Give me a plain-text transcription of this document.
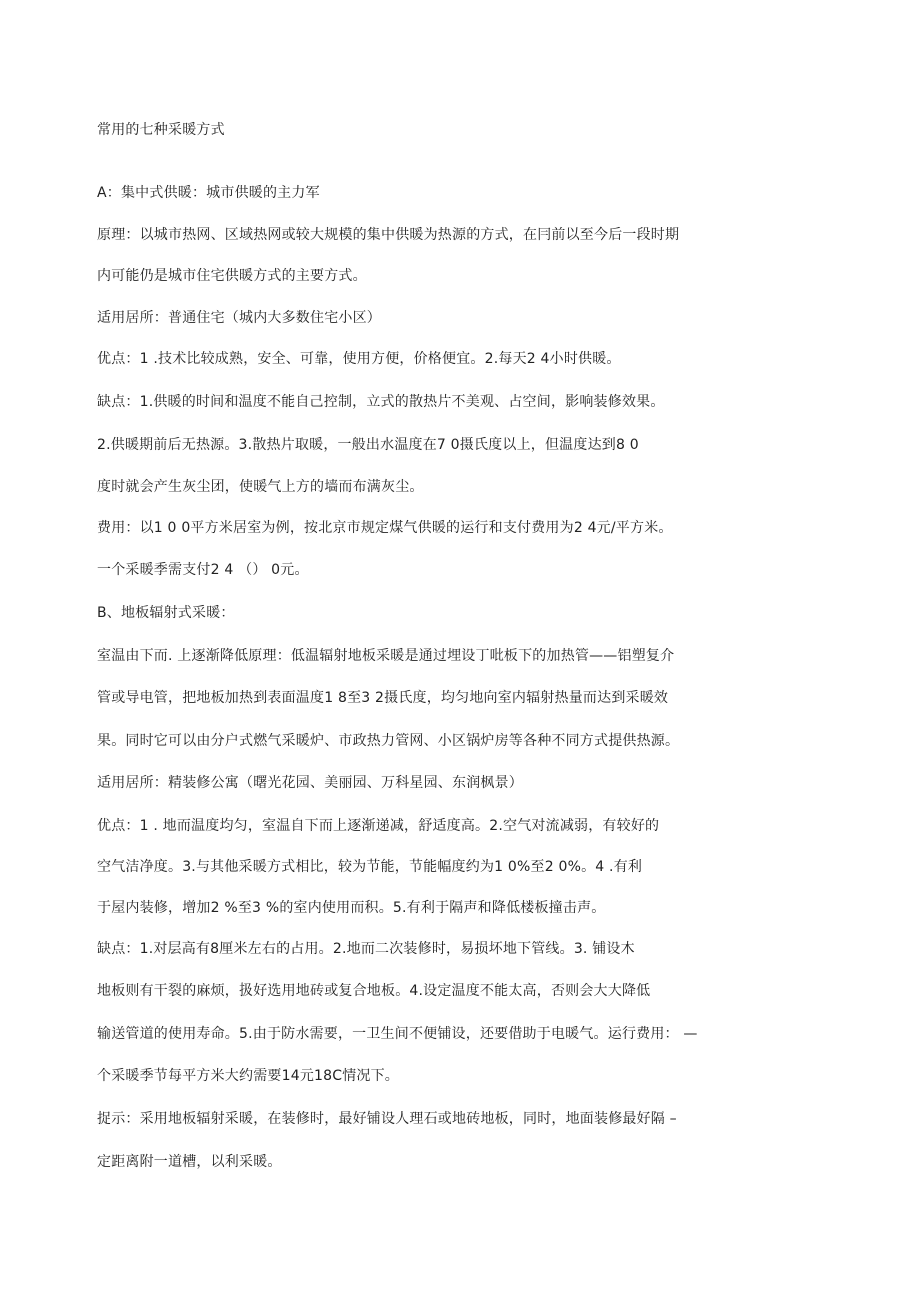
常用的七种采暖方式
A：集中式供暖：城市供暖的主力军
原理：以城市热网、区域热网或较大规模的集中供暖为热源的方式，在冃前以至今后一段时期
内可能仍是城市住宅供暖方式的主要方式。
适用居所：普通住宅（城内大多数住宅小区）
优点：1 .技术比较成熟，安全、可靠，使用方便，价格便宜。2.每天2 4小时供暖。
缺点：1.供暖的时间和温度不能自己控制，立式的散热片不美观、占空间，影响装修效果。
2.供暖期前后无热源。3.散热片取暖，一般出水温度在7 0摄氏度以上，但温度达到8 0
度时就会产生灰尘团，使暖气上方的墙而布满灰尘。
费用：以1 0 0平方米居室为例，按北京市规定煤气供暖的运行和支付费用为2 4元/平方米。
一个采暖季需支付2 4 （） 0元。
B、地板辐射式采暖：
室温由下而. 上逐渐降低原理：低温辐射地板采暖是通过埋设丁吡板下的加热管——铝塑复介
管或导电管，把地板加热到表面温度1 8至3 2摄氏度，均匀地向室内辐射热量而达到采暖效
果。同时它可以由分户式燃气采暖炉、市政热力管网、小区锅炉房等各种不同方式提供热源。
适用居所：精装修公寓（曙光花园、美丽园、万科星园、东润枫景）
优点：1 . 地而温度均匀，室温自下而上逐渐递减，舒适度高。2.空气对流减弱，有较好的
空气洁净度。3.与其他采暖方式相比，较为节能，节能幅度约为1 0%至2 0%。4 .有利
于屋内装修，增加2 %至3 %的室内使用而积。5.有利于隔声和降低楼板撞击声。
缺点：1.对层高有8厘米左右的占用。2.地而二次装修时，易损坏地下管线。3. 铺设木
地板则有干裂的麻烦，扱好选用地砖或复合地板。4.设定温度不能太高，否则会大大降低
输送管道的使用寿命。5.由于防水需要，一卫生间不便铺设，还要借助于电暖气。运行费用： —
个采暖季节每平方米大约需要14元18C情况下。
捉示：采用地板辐射采暖，在装修时，最好铺设人理石或地砖地板，同时，地面装修最好隔 –
定距离附一道槽，以利采暖。
